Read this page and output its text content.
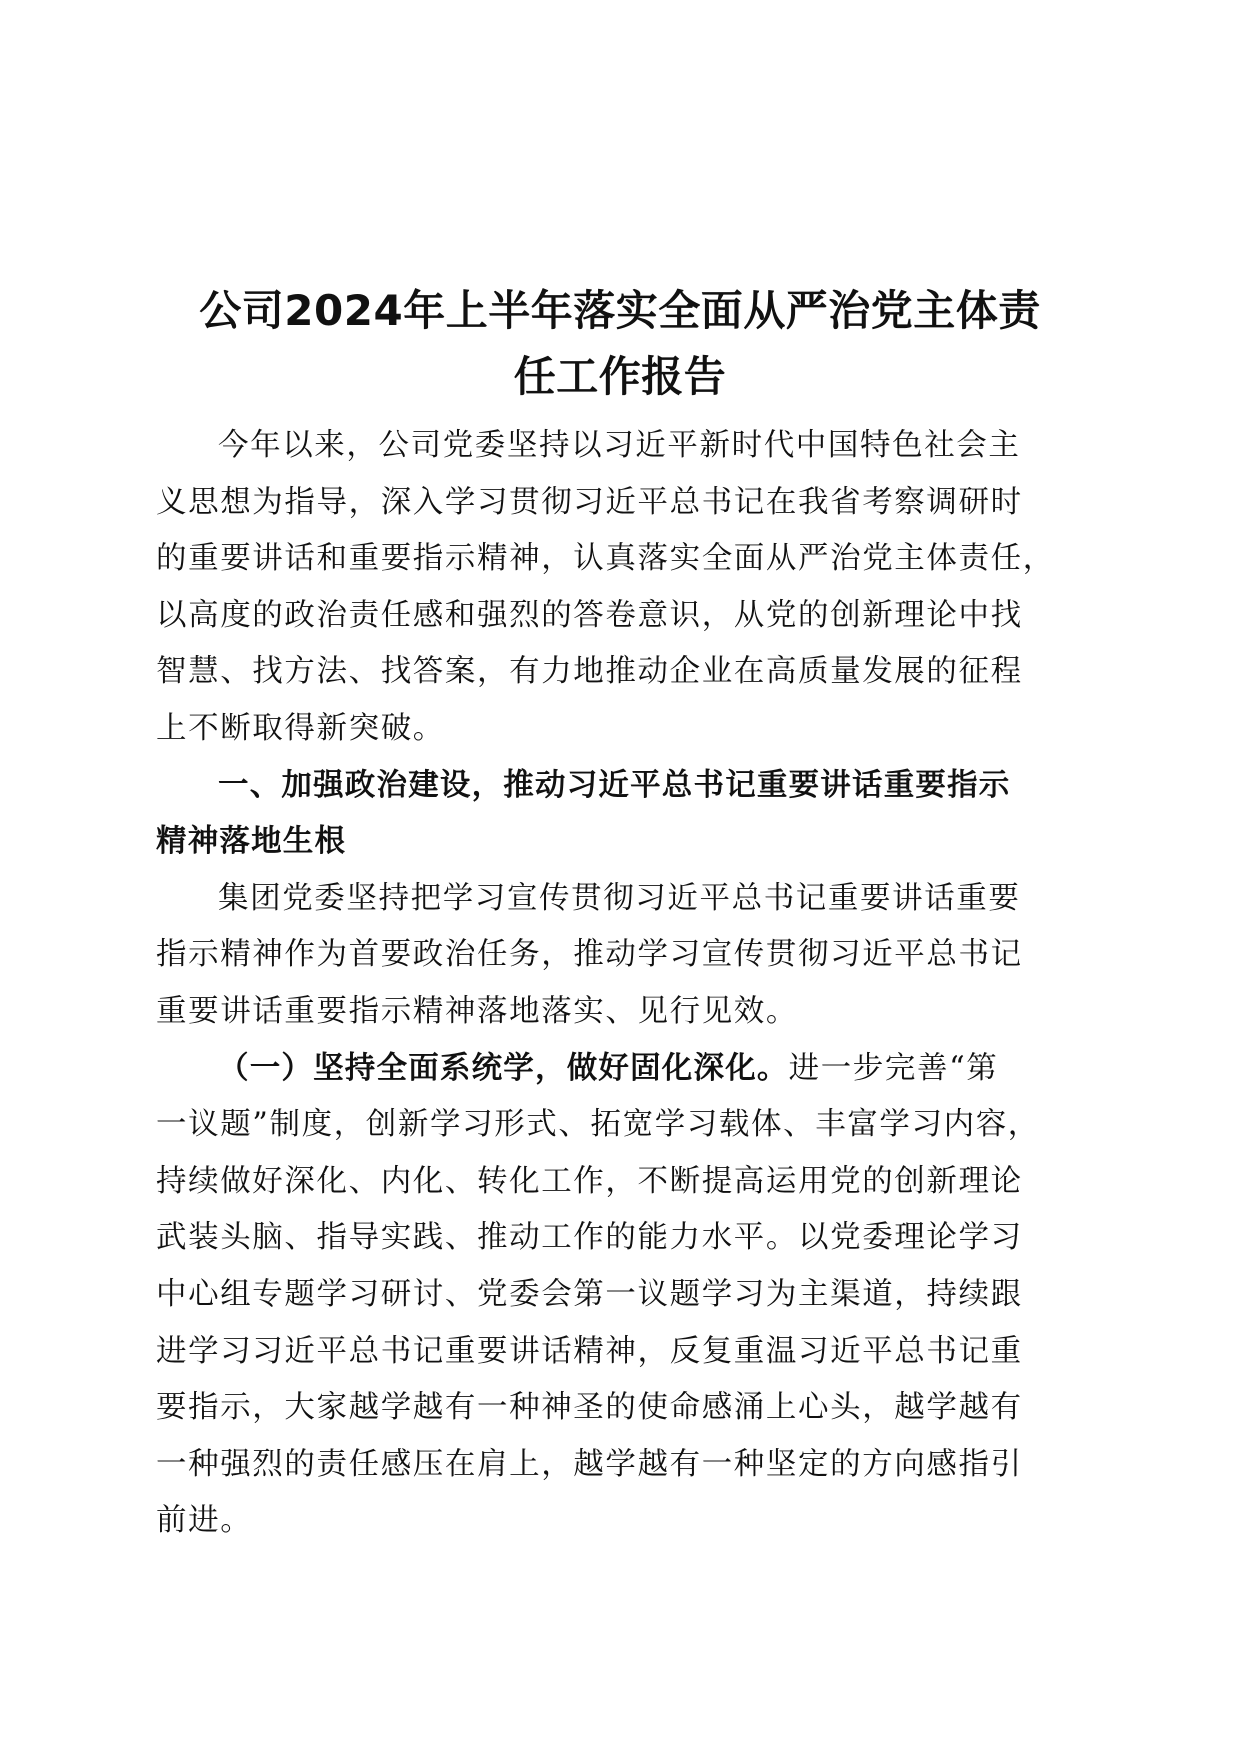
公司2024年上半年落实全面从严治党主体责
任工作报告
今年以来，公司党委坚持以习近平新时代中国特色社会主
义思想为指导，深入学习贯彻习近平总书记在我省考察调研时
的重要讲话和重要指示精神，认真落实全面从严治党主体责任，
以高度的政治责任感和强烈的答卷意识，从党的创新理论中找
智慧、找方法、找答案，有力地推动企业在高质量发展的征程
上不断取得新突破。
一、加强政治建设，推动习近平总书记重要讲话重要指示
精神落地生根
集团党委坚持把学习宣传贯彻习近平总书记重要讲话重要
指示精神作为首要政治任务，推动学习宣传贯彻习近平总书记
重要讲话重要指示精神落地落实、见行见效。
（一）坚持全面系统学，做好固化深化。进一步完善“第
一议题”制度，创新学习形式、拓宽学习载体、丰富学习内容，
持续做好深化、内化、转化工作，不断提高运用党的创新理论
武装头脑、指导实践、推动工作的能力水平。以党委理论学习
中心组专题学习研讨、党委会第一议题学习为主渠道，持续跟
进学习习近平总书记重要讲话精神，反复重温习近平总书记重
要指示，大家越学越有一种神圣的使命感涌上心头，越学越有
一种强烈的责任感压在肩上，越学越有一种坚定的方向感指引
前进。
